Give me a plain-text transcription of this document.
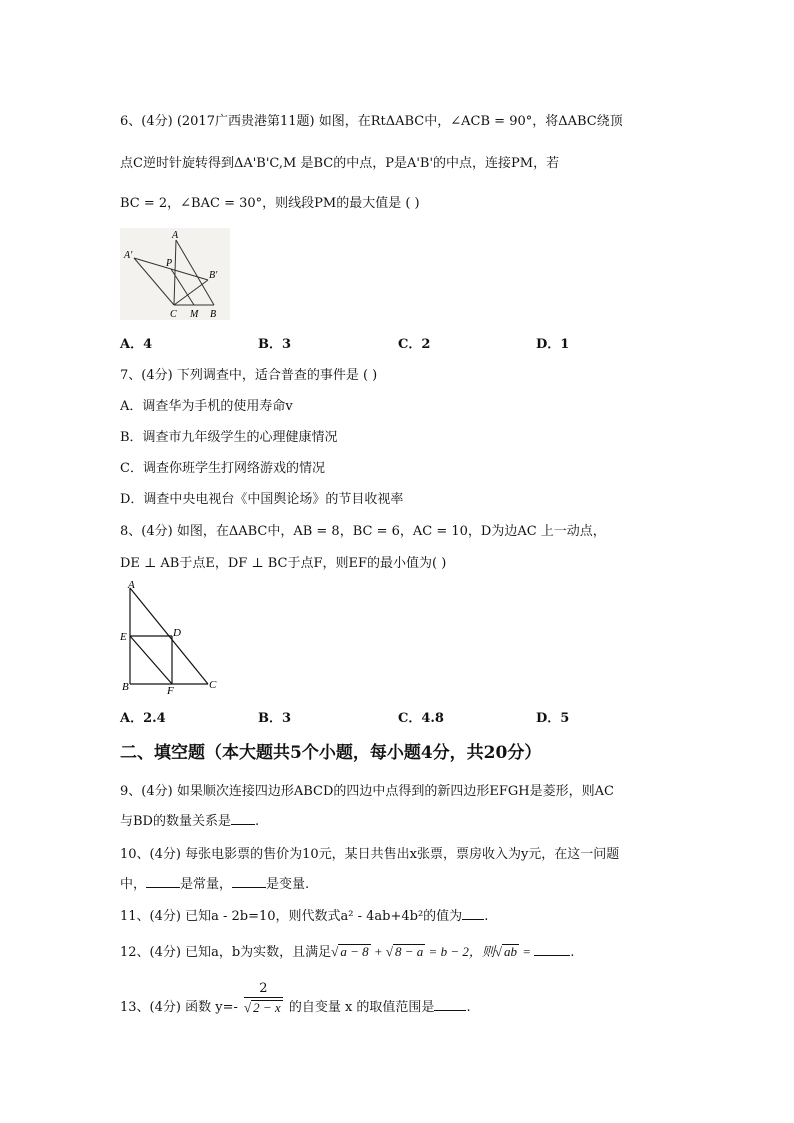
6、(4分) (2017广西贵港第11题) 如图，在RtΔABC中，∠ACB = 90°，将ΔABC绕顶
点C逆时针旋转得到ΔA'B'C,M 是BC的中点，P是A'B'的中点，连接PM，若
BC = 2，∠BAC = 30°，则线段PM的最大值是 ( )
A'
A
P
B'
C M B
A．4	B．3	C．2	D．1
7、(4分) 下列调查中，适合普查的事件是 ( )
A．调查华为手机的使用寿命v
B．调查市九年级学生的心理健康情况
C．调查你班学生打网络游戏的情况
D．调查中央电视台《中国舆论场》的节目收视率
8、(4分) 如图，在ΔABC中，AB = 8，BC = 6，AC = 10，D为边AC 上一动点，
DE ⊥ AB于点E，DF ⊥ BC于点F，则EF的最小值为( )
A
E	D
B	F	C
A．2.4	B．3	C．4.8	D．5
二、填空题（本大题共5个小题，每小题4分，共20分）
9、(4分) 如果顺次连接四边形ABCD的四边中点得到的新四边形EFGH是菱形，则AC
与BD的数量关系是 .
10、(4分) 每张电影票的售价为10元，某日共售出x张票，票房收入为y元，在这一问题
中，	是常量，	是变量.
11、(4分) 已知a - 2b=10，则代数式a² - 4ab+4b²的值为 .
12、(4分) 已知a，b为实数，且满足√ a − 8 + √ 8 − a = b − 2，则√ ab =	.
13、(4分) 函数 $y=- \frac{2}{√ 2 - x}$ 的自变量 x 的取值范围是 .
